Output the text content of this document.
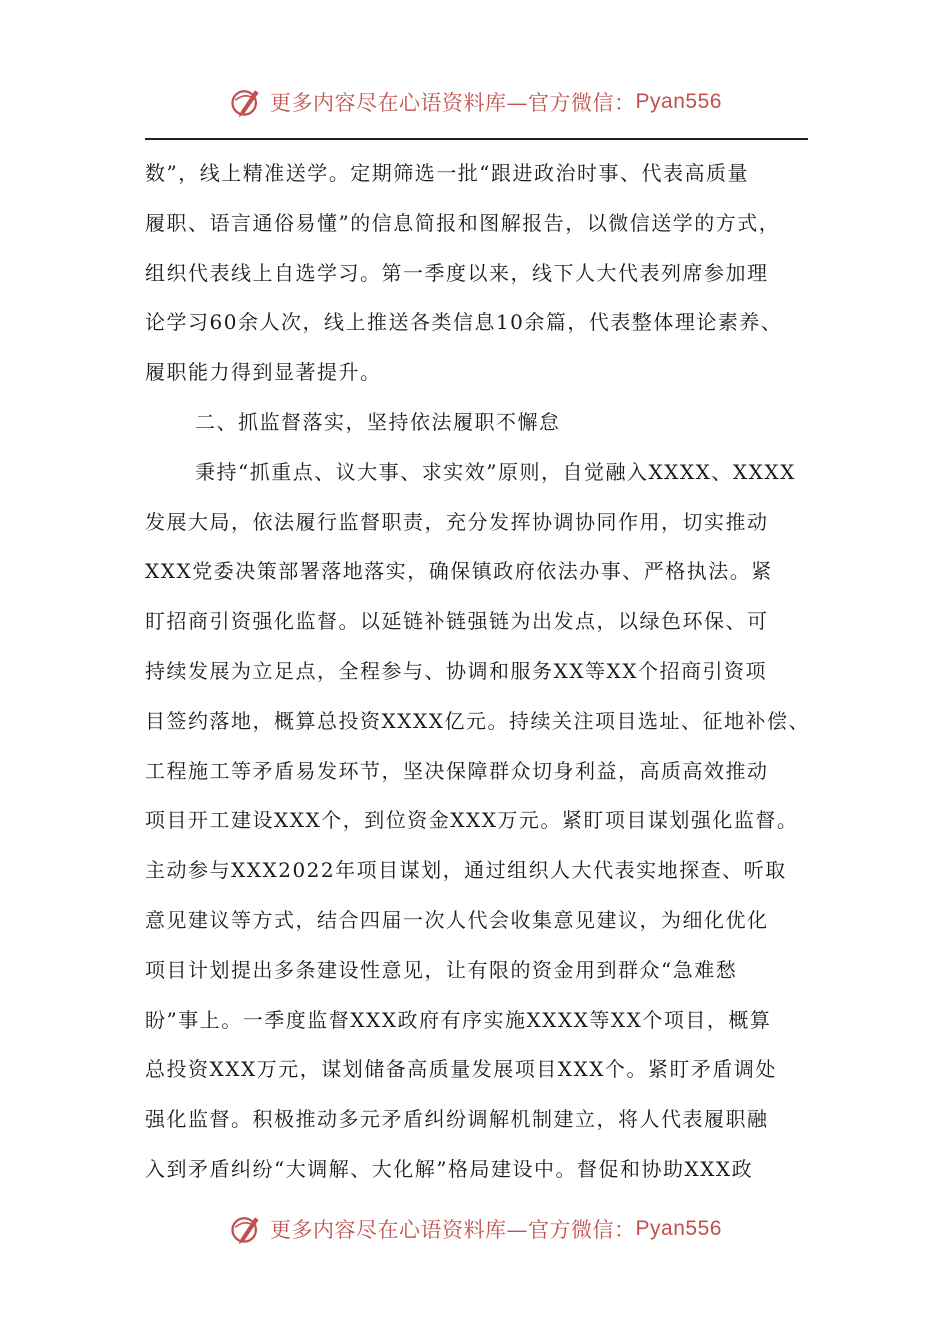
更多内容尽在心语资料库—官方微信： Pyan556
数”，线上精准送学。定期筛选一批“跟进政治时事、代表高质量
履职、语言通俗易懂”的信息简报和图解报告，以微信送学的方式，
组织代表线上自选学习。第一季度以来，线下人大代表列席参加理
论学习60余人次，线上推送各类信息10余篇，代表整体理论素养、
履职能力得到显著提升。
二、抓监督落实，坚持依法履职不懈怠
秉持“抓重点、议大事、求实效”原则，自觉融入XXXX、XXXX
发展大局，依法履行监督职责，充分发挥协调协同作用，切实推动
XXX党委决策部署落地落实，确保镇政府依法办事、严格执法。紧
盯招商引资强化监督。以延链补链强链为出发点，以绿色环保、可
持续发展为立足点，全程参与、协调和服务XX等XX个招商引资项
目签约落地，概算总投资XXXX亿元。持续关注项目选址、征地补偿、
工程施工等矛盾易发环节，坚决保障群众切身利益，高质高效推动
项目开工建设XXX个，到位资金XXX万元。紧盯项目谋划强化监督。
主动参与XXX2022年项目谋划，通过组织人大代表实地探查、听取
意见建议等方式，结合四届一次人代会收集意见建议，为细化优化
项目计划提出多条建设性意见，让有限的资金用到群众“急难愁
盼”事上。一季度监督XXX政府有序实施XXXX等XX个项目，概算
总投资XXX万元，谋划储备高质量发展项目XXX个。紧盯矛盾调处
强化监督。积极推动多元矛盾纠纷调解机制建立，将人代表履职融
入到矛盾纠纷“大调解、大化解”格局建设中。督促和协助XXX政
更多内容尽在心语资料库—官方微信： Pyan556
